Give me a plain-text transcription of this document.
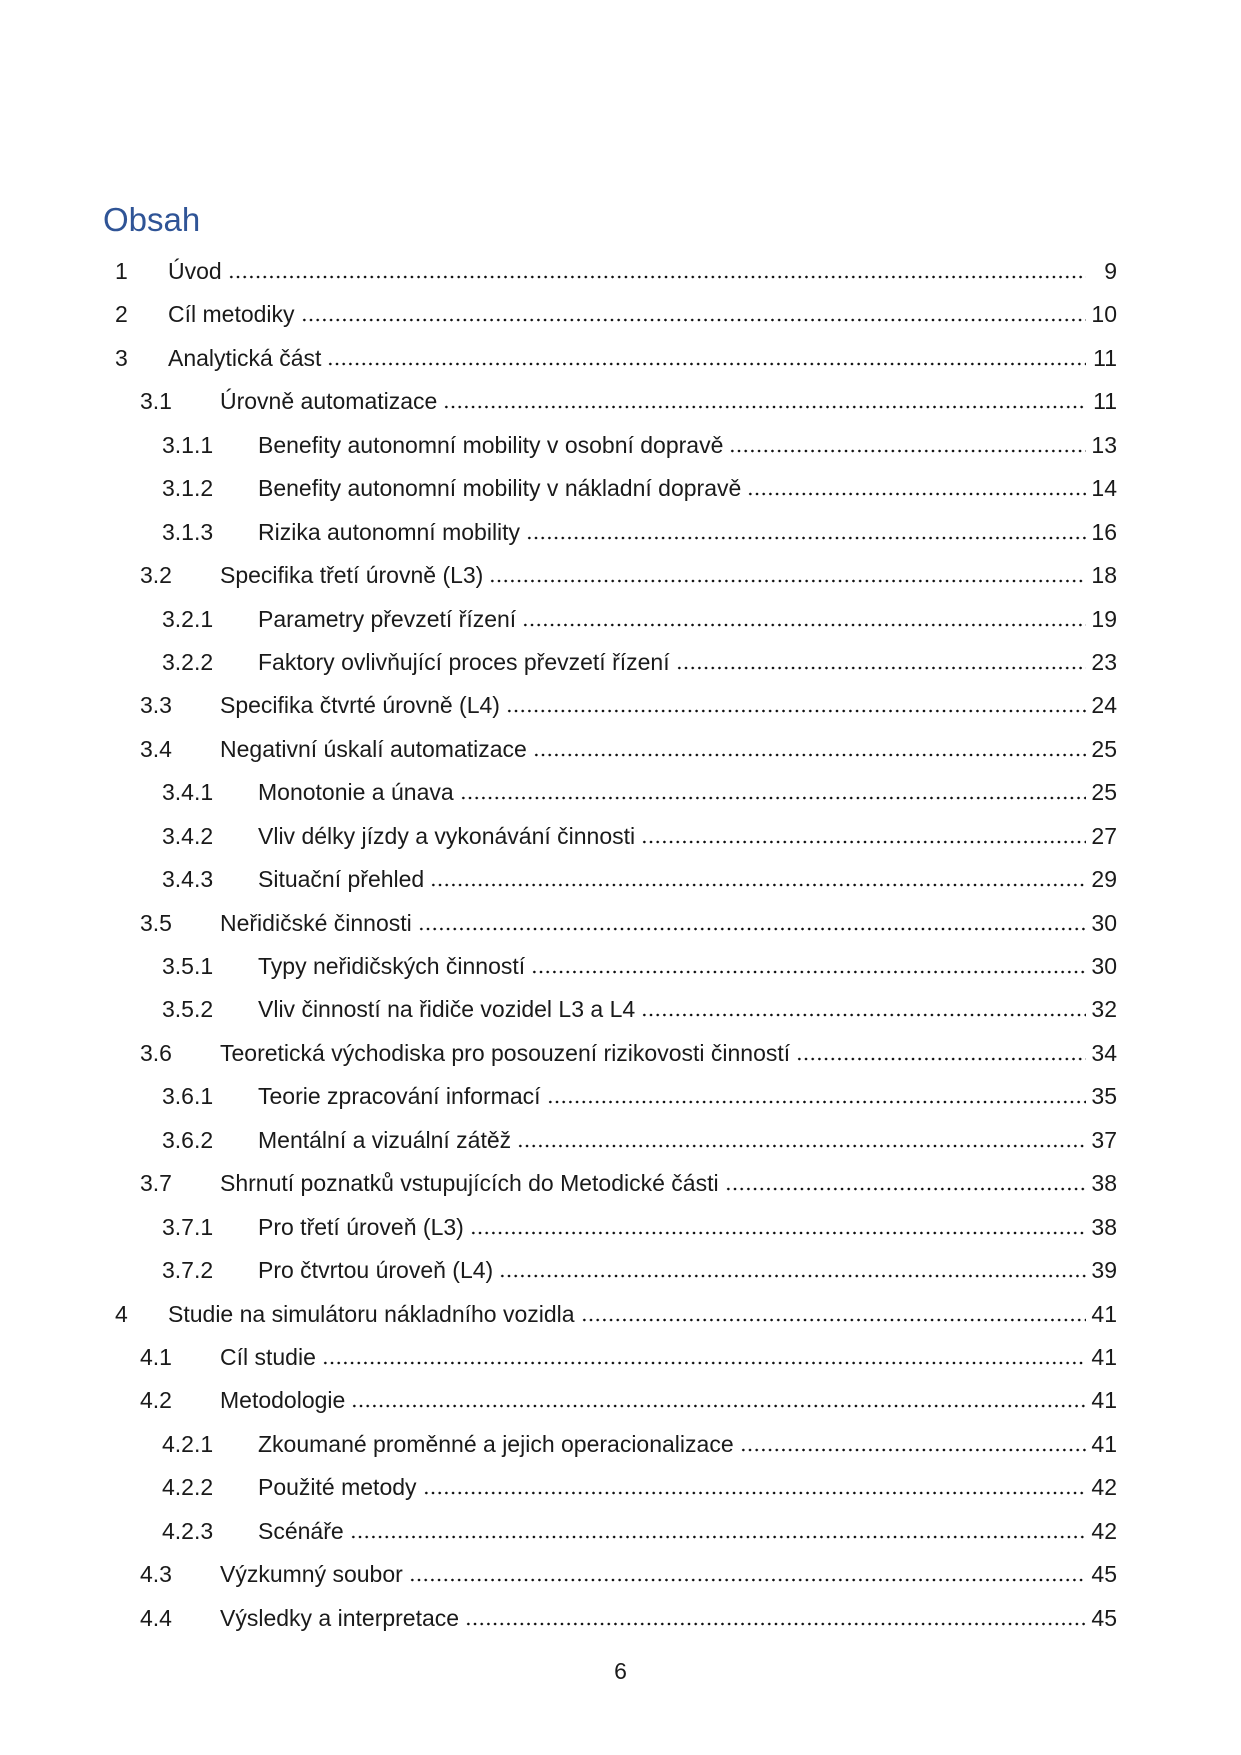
Obsah
1	Úvod	9
2	Cíl metodiky	10
3	Analytická část	11
3.1	Úrovně automatizace	11
3.1.1	Benefity autonomní mobility v osobní dopravě	13
3.1.2	Benefity autonomní mobility v nákladní dopravě	14
3.1.3	Rizika autonomní mobility	16
3.2	Specifika třetí úrovně (L3)	18
3.2.1	Parametry převzetí řízení	19
3.2.2	Faktory ovlivňující proces převzetí řízení	23
3.3	Specifika čtvrté úrovně (L4)	24
3.4	Negativní úskalí automatizace	25
3.4.1	Monotonie a únava	25
3.4.2	Vliv délky jízdy a vykonávání činnosti	27
3.4.3	Situační přehled	29
3.5	Neřidičské činnosti	30
3.5.1	Typy neřidičských činností	30
3.5.2	Vliv činností na řidiče vozidel L3 a L4	32
3.6	Teoretická východiska pro posouzení rizikovosti činností	34
3.6.1	Teorie zpracování informací	35
3.6.2	Mentální a vizuální zátěž	37
3.7	Shrnutí poznatků vstupujících do Metodické části	38
3.7.1	Pro třetí úroveň (L3)	38
3.7.2	Pro čtvrtou úroveň (L4)	39
4	Studie na simulátoru nákladního vozidla	41
4.1	Cíl studie	41
4.2	Metodologie	41
4.2.1	Zkoumané proměnné a jejich operacionalizace	41
4.2.2	Použité metody	42
4.2.3	Scénáře	42
4.3	Výzkumný soubor	45
4.4	Výsledky a interpretace	45
6
